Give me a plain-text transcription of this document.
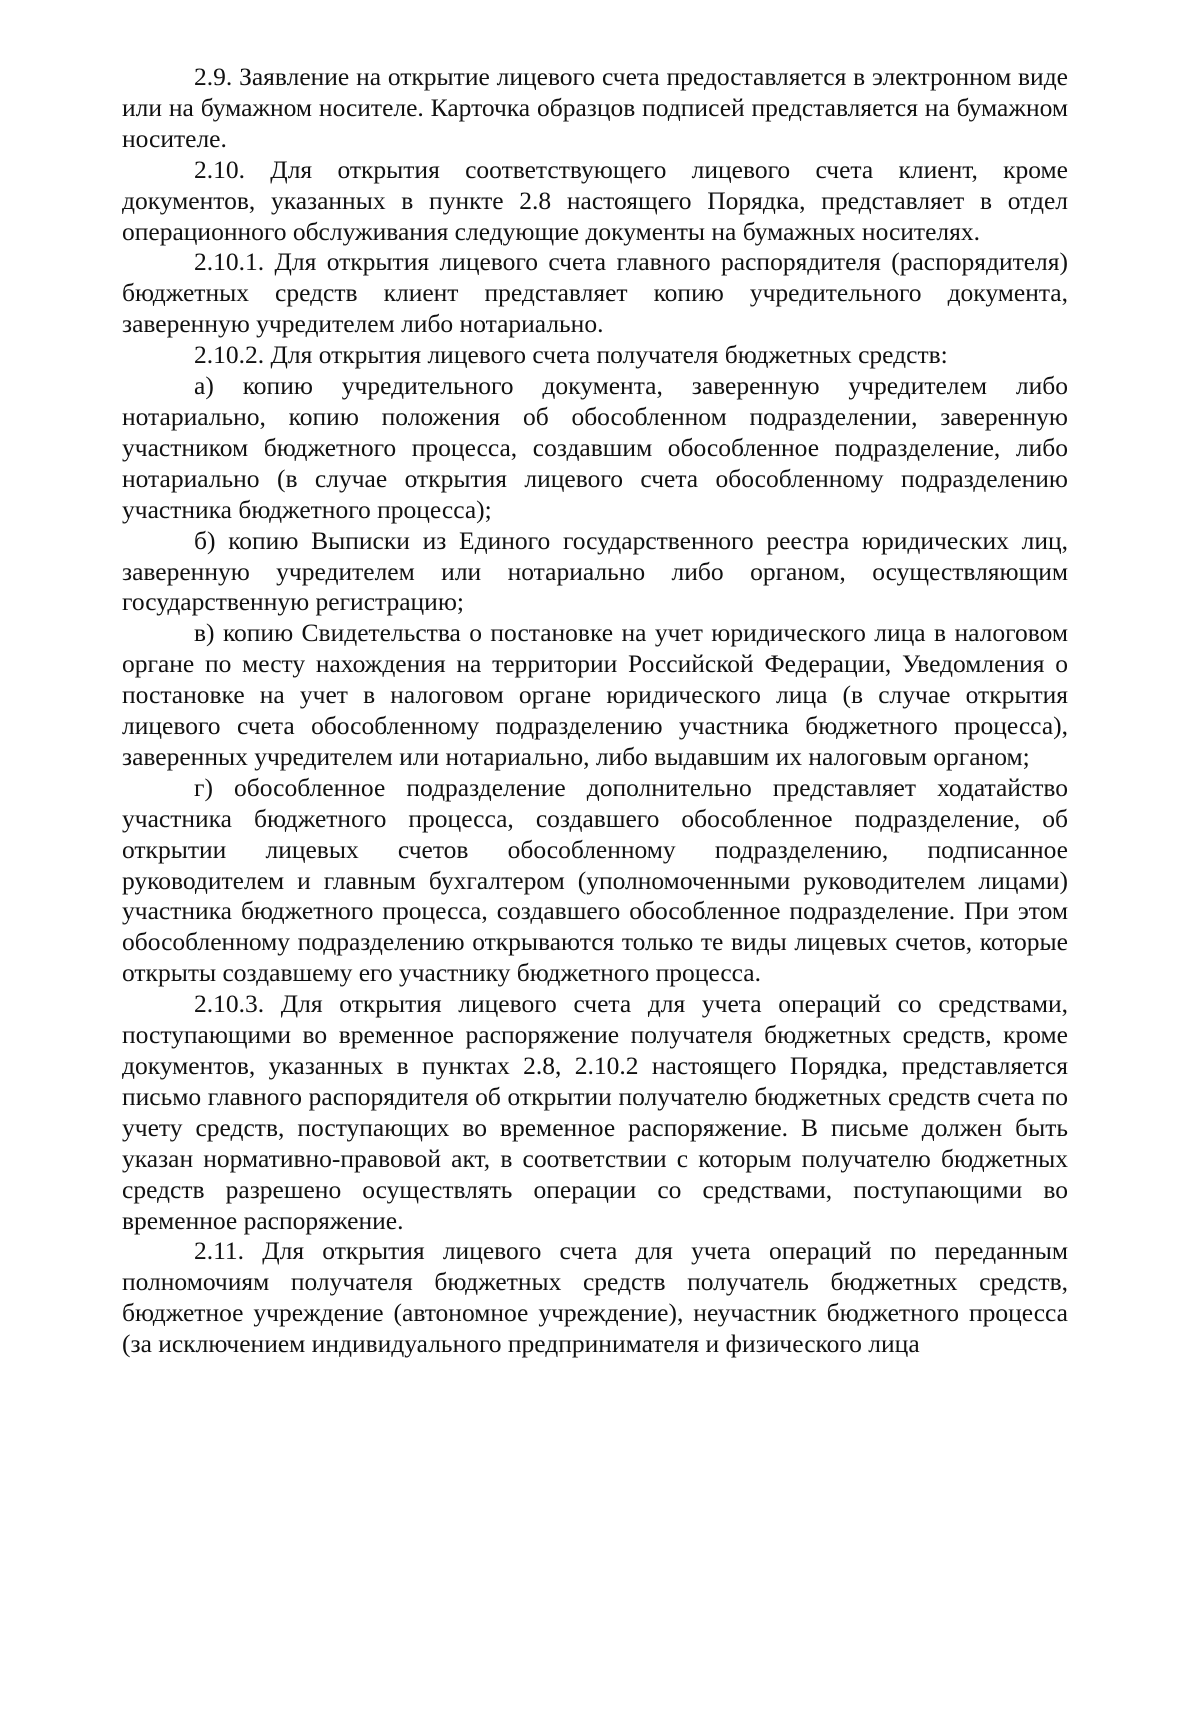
2.9. Заявление на открытие лицевого счета предоставляется в электронном виде или на бумажном носителе. Карточка образцов подписей представляется на бумажном носителе.

2.10. Для открытия соответствующего лицевого счета клиент, кроме документов, указанных в пункте 2.8 настоящего Порядка, представляет в отдел операционного обслуживания следующие документы на бумажных носителях.

2.10.1. Для открытия лицевого счета главного распорядителя (распорядителя) бюджетных средств клиент представляет копию учредительного документа, заверенную учредителем либо нотариально.

2.10.2. Для открытия лицевого счета получателя бюджетных средств:

а) копию учредительного документа, заверенную учредителем либо нотариально, копию положения об обособленном подразделении, заверенную участником бюджетного процесса, создавшим обособленное подразделение, либо нотариально (в случае открытия лицевого счета обособленному подразделению участника бюджетного процесса);

б) копию Выписки из Единого государственного реестра юридических лиц, заверенную учредителем или нотариально либо органом, осуществляющим государственную регистрацию;

в) копию Свидетельства о постановке на учет юридического лица в налоговом органе по месту нахождения на территории Российской Федерации, Уведомления о постановке на учет в налоговом органе юридического лица (в случае открытия лицевого счета обособленному подразделению участника бюджетного процесса), заверенных учредителем или нотариально, либо выдавшим их налоговым органом;

г) обособленное подразделение дополнительно представляет ходатайство участника бюджетного процесса, создавшего обособленное подразделение, об открытии лицевых счетов обособленному подразделению, подписанное руководителем и главным бухгалтером (уполномоченными руководителем лицами) участника бюджетного процесса, создавшего обособленное подразделение. При этом обособленному подразделению открываются только те виды лицевых счетов, которые открыты создавшему его участнику бюджетного процесса.

2.10.3. Для открытия лицевого счета для учета операций со средствами, поступающими во временное распоряжение получателя бюджетных средств, кроме документов, указанных в пунктах 2.8, 2.10.2 настоящего Порядка, представляется письмо главного распорядителя об открытии получателю бюджетных средств счета по учету средств, поступающих во временное распоряжение. В письме должен быть указан нормативно-правовой акт, в соответствии с которым получателю бюджетных средств разрешено осуществлять операции со средствами, поступающими во временное распоряжение.

2.11. Для открытия лицевого счета для учета операций по переданным полномочиям получателя бюджетных средств получатель бюджетных средств, бюджетное учреждение (автономное учреждение), неучастник бюджетного процесса (за исключением индивидуального предпринимателя и физического лица
